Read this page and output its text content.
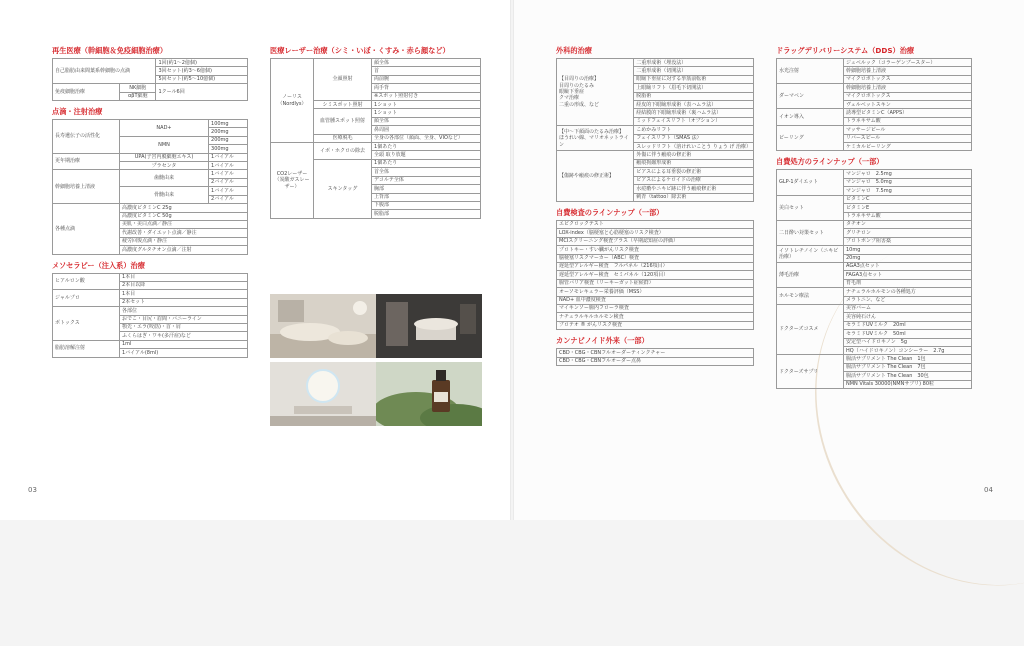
再生医療（幹細胞＆免疫細胞治療）
自己脂肪由来間葉系幹細胞の点滴		1回(約1〜2億個)
		3回セット(約3〜6億個)
		5回セット(約5〜10億個)
免疫細胞治療	NK細胞	1クール6回
	αβT細胞	
点滴・注射治療
長寿遺伝子の活性化	NAD+	100mg
		200mg
	NMN	200mg
		300mg
更年期治療	UPA(子宮内膜細胞エキス)	1バイアル
	プラセンタ	1バイアル
幹細胞培養上清液	歯髄由来	1バイアル
		2バイアル
	骨髄由来	1バイアル
		2バイアル
各種点滴	高濃度ビタミンC 25g	
	高濃度ビタミンC 50g	
	美肌・美白点滴／静注	
	代謝改善・ダイエット点滴／静注	
	疲労回復点滴・静注	
	高濃度グルタチオン点滴／注射	
メソセラピー（注入系）治療
ヒアルロン酸	1本目
	2本目以降
ジャルプロ	1本目
	2本セット
ボトックス	各部位
	おでこ・目尻・眉間・バニーライン
	顎先・エラ(咬筋)・首・肩
	ふくらはぎ・ワキ(多汗症)など
脂肪溶解注射	1ml
	1バイアル(8ml)
医療レーザー治療（シミ・いぼ・くすみ・赤ら顔など）
ノーリス（Nordlys）	全顔照射	顔全体
		首
		両前腕
		両手背
		※スポット照射付き
	シミスポット照射	1ショット
	血管腫スポット照射	1ショット
		顔全体
		鼻周囲
	医療脱毛	全身の各部位（顔面、全身、VIOなど）
CO2レーザー（炭酸ガスレーザー）	イボ・ホクロの除去	1個あたり
		全頭 取り放題
	スキンタッグ	1個あたり
		首全体
		デコルテ全体
		胸部
		上背部
		下腹部
		脱脂部
外科的治療
【目周りの治療】
目周りのたるみ
眼瞼下垂症
クマ治療
二重の形成、など	二重形成術（埋没法）
	二重形成術（切開法）
	眼瞼下垂症に対する挙筋前転術
	上眼瞼リフト（眉毛下切開法）
	脱脂術
	経皮的下眼瞼形成術（表ハムラ法）
	経結膜的下眼瞼形成術（裏ハムラ法）
	ミッドフェイスリフト（オプション）

【中〜下顔面のたるみ治療】
ほうれい線、マリオネットライン	こめかみリフト
	フェイスリフト（SMAS 法）
	スレッドリフト（溶けれいことう りょう げ 治療）
【傷跡や瘢痕の修正術】	外傷に伴う瘢痕の修正術
	瘢痕拘縮形成術
	ピアスによる耳垂裂の修正術
	ピアスによるケロイドの治療
	水痘瘡やニキビ跡に伴う瘢痕修正術
	刺青（tattoo）除去術
自費検査のラインナップ（一部）
エピクロックテスト
LOX-index（脳梗塞と心筋梗塞のリスク検査）
MCIスクリーニング検査プラス（早期認知症の評価）
プロトキー・すい臓がんリスク検査
脳梗塞リスクマーカー（ABC）検査
遅延型アレルギー検査　フルパネル（216項目）
遅延型アレルギー検査　セミパネル（120項目）
腸管バリア検査（リーキーガット症候群）
オーソモレキュラー栄養評価（MSS）
NAD+ 血中濃度検査
マイキンソー腸内フローラ検査
ナチュラルキルホルモン検査
プロテオ ® がんリスク検査
カンナビノイド外来（一部）
CBD・CBG・CBNフルオーダーティンクチャー
CBD・CBG・CBNフルオーダー点鼻
ドラッグデリバリーシステム（DDS）治療
水光注射	ジュベルック（コラーゲンブースター）
	幹細胞培養上清液
	マイクロボトックス
ダーマペン	幹細胞培養上清液
	マイクロボトックス
	ヴェルベットスキン
イオン導入	誘導型ビタミンC（APPS）
	トラネキサム酸
ピーリング	マッサージピール
	リバースピール
	ケミカルピーリング
自費処方のラインナップ（一部）
GLP-1ダイエット	マンジャロ　2.5mg
	マンジャロ　5.0mg
	マンジャロ　7.5mg
美白セット	ビタミンC
	ビタミンE
	トラネキサム酸
二日酔い対策セット	タチオン
	グリチロン
	プロトポンプ阻害薬
イソトレチノイン（ニキビ治療）	10mg
	20mg
薄毛治療	AGA3点セット
	FAGA3点セット
	育毛剤
ホルモン療法	ナチュラルホルモンの各種処方
	メラトニン、など
ドクターズコスメ	美容バーム
	美容純石けん
	セラミドUVミルク　20ml
	セラミドUVミルク　50ml
	安定型ハイドロキノン　5g
	HQ（ハイドロキノン）コンシーラー　2.7g
ドクターズサプリ	腸活サプリメント The Clean　1包
	腸活サプリメント The Clean　7包
	腸活サプリメント The Clean　30包
	NMN Vitals 30000(NMNサプリ) 80粒
03	04
